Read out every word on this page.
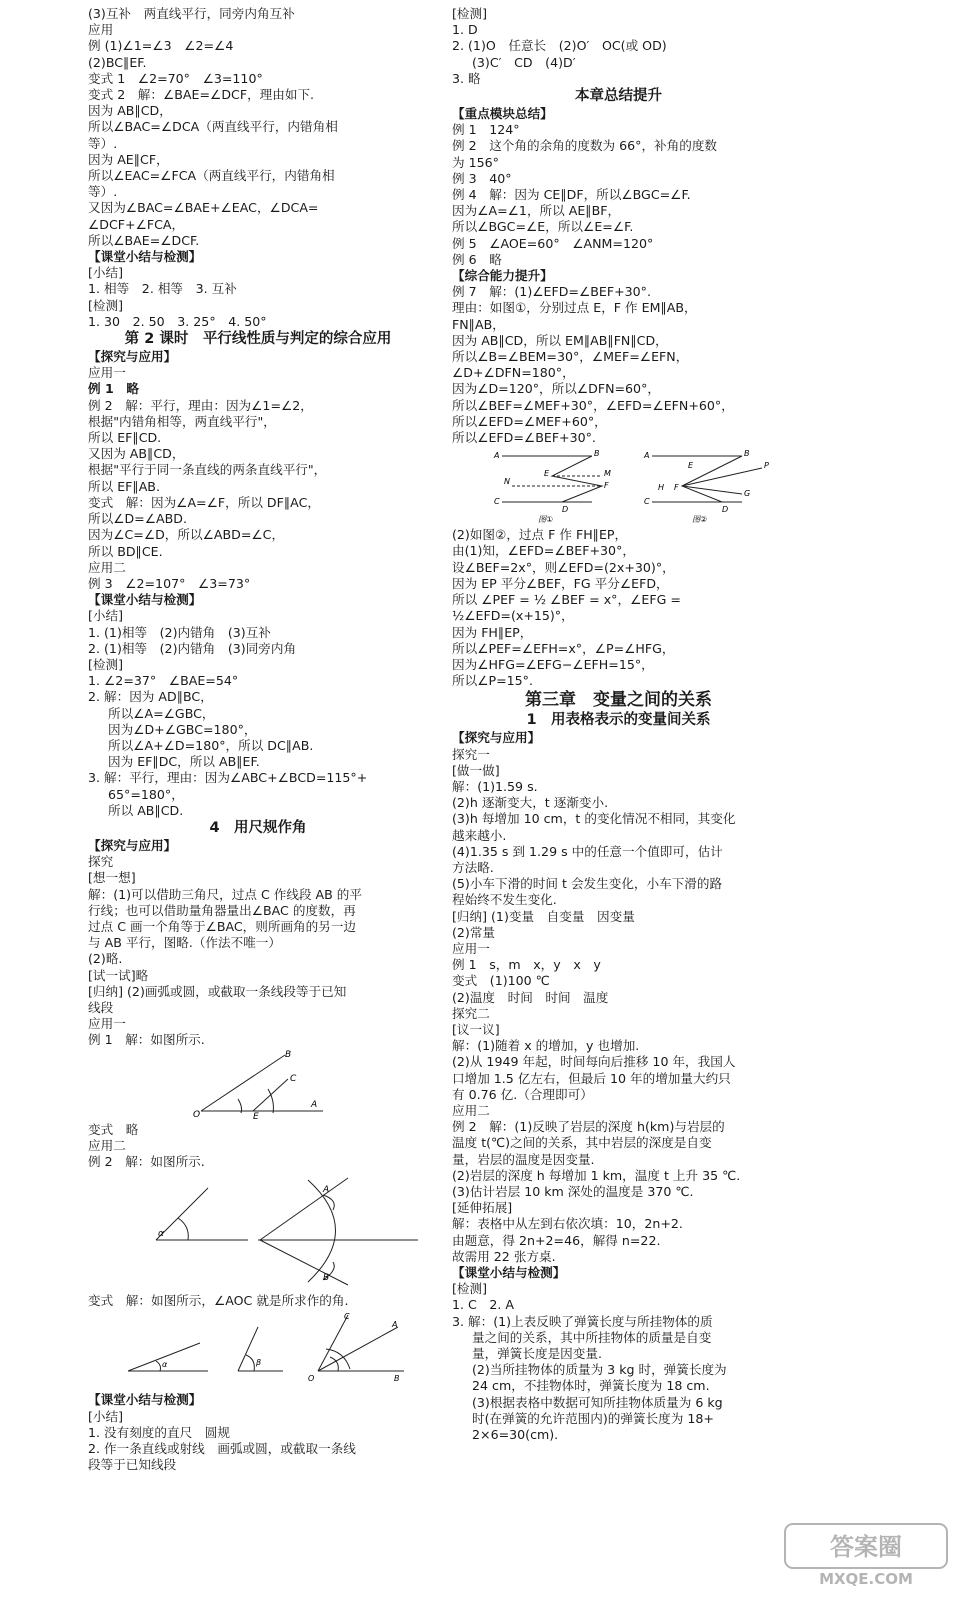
(3)互补　两直线平行，同旁内角互补
应用
例 (1)∠1=∠3　∠2=∠4
(2)BC∥EF.
变式 1　∠2=70°　∠3=110°
变式 2　解：∠BAE=∠DCF，理由如下.
因为 AB∥CD，
所以∠BAC=∠DCA（两直线平行，内错角相
等）.
因为 AE∥CF，
所以∠EAC=∠FCA（两直线平行，内错角相
等）.
又因为∠BAC=∠BAE+∠EAC，∠DCA=
∠DCF+∠FCA，
所以∠BAE=∠DCF.
【课堂小结与检测】
[小结]
1. 相等　2. 相等　3. 互补
[检测]
1. 30　2. 50　3. 25°　4. 50°
第 2 课时　平行线性质与判定的综合应用
【探究与应用】
应用一
例 1　略
例 2　解：平行，理由：因为∠1=∠2，
根据"内错角相等，两直线平行"，
所以 EF∥CD.
又因为 AB∥CD，
根据"平行于同一条直线的两条直线平行"，
所以 EF∥AB.
变式　解：因为∠A=∠F，所以 DF∥AC，
所以∠D=∠ABD.
因为∠C=∠D，所以∠ABD=∠C，
所以 BD∥CE.
应用二
例 3　∠2=107°　∠3=73°
【课堂小结与检测】
[小结]
1. (1)相等　(2)内错角　(3)互补
2. (1)相等　(2)内错角　(3)同旁内角
[检测]
1. ∠2=37°　∠BAE=54°
2. 解：因为 AD∥BC，
所以∠A=∠GBC，
因为∠D+∠GBC=180°，
所以∠A+∠D=180°，所以 DC∥AB.
因为 EF∥DC，所以 AB∥EF.
3. 解：平行，理由：因为∠ABC+∠BCD=115°+
65°=180°，
所以 AB∥CD.
4　用尺规作角
【探究与应用】
探究
[想一想]
解：(1)可以借助三角尺，过点 C 作线段 AB 的平
行线；也可以借助量角器量出∠BAC 的度数，再
过点 C 画一个角等于∠BAC，则所画角的另一边
与 AB 平行，图略.（作法不唯一）
(2)略.
[试一试]略
[归纳] (2)画弧或圆，或截取一条线段等于已知
线段
应用一
例 1　解：如图所示.
O
A
B
C
E
变式　略
应用二
例 2　解：如图所示.
α
A
B
变式　解：如图所示，∠AOC 就是所求作的角.
α	β
O
A
B
C
【课堂小结与检测】
[小结]
1. 没有刻度的直尺　圆规
2. 作一条直线或射线　画弧或圆，或截取一条线
段等于已知线段
[检测]
1. D
2. (1)O　任意长　(2)O′　OC(或 OD)
(3)C′　CD　(4)D′
3. 略
本章总结提升
【重点模块总结】
例 1　124°
例 2　这个角的余角的度数为 66°，补角的度数
为 156°
例 3　40°
例 4　解：因为 CE∥DF，所以∠BGC=∠F.
因为∠A=∠1，所以 AE∥BF，
所以∠BGC=∠E，所以∠E=∠F.
例 5　∠AOE=60°　∠ANM=120°
例 6　略
【综合能力提升】
例 7　解：(1)∠EFD=∠BEF+30°.
理由：如图①，分别过点 E，F 作 EM∥AB，
FN∥AB，
因为 AB∥CD，所以 EM∥AB∥FN∥CD，
所以∠B=∠BEM=30°，∠MEF=∠EFN，
∠D+∠DFN=180°，
因为∠D=120°，所以∠DFN=60°，
所以∠BEF=∠MEF+30°，∠EFD=∠EFN+60°，
所以∠EFD=∠MEF+60°，
所以∠EFD=∠BEF+30°.
A	B
C
D
E
F
M
N
图①
A	B
C
D
E
F
P
G
H
图②
(2)如图②，过点 F 作 FH∥EP，
由(1)知，∠EFD=∠BEF+30°，
设∠BEF=2x°，则∠EFD=(2x+30)°，
因为 EP 平分∠BEF，FG 平分∠EFD，
所以 ∠PEF = ½ ∠BEF = x°，∠EFG =
½∠EFD=(x+15)°，
因为 FH∥EP，
所以∠PEF=∠EFH=x°，∠P=∠HFG，
因为∠HFG=∠EFG−∠EFH=15°，
所以∠P=15°.
第三章　变量之间的关系
1　用表格表示的变量间关系
【探究与应用】
探究一
[做一做]
解：(1)1.59 s.
(2)h 逐渐变大，t 逐渐变小.
(3)h 每增加 10 cm，t 的变化情况不相同，其变化
越来越小.
(4)1.35 s 到 1.29 s 中的任意一个值即可，估计
方法略.
(5)小车下滑的时间 t 会发生变化，小车下滑的路
程始终不发生变化.
[归纳] (1)变量　自变量　因变量
(2)常量
应用一
例 1　s，m　x，y　x　y
变式　(1)100 ℃
(2)温度　时间　时间　温度
探究二
[议一议]
解：(1)随着 x 的增加，y 也增加.
(2)从 1949 年起，时间每向后推移 10 年，我国人
口增加 1.5 亿左右，但最后 10 年的增加量大约只
有 0.76 亿.（合理即可）
应用二
例 2　解：(1)反映了岩层的深度 h(km)与岩层的
温度 t(℃)之间的关系，其中岩层的深度是自变
量，岩层的温度是因变量.
(2)岩层的深度 h 每增加 1 km，温度 t 上升 35 ℃.
(3)估计岩层 10 km 深处的温度是 370 ℃.
[延伸拓展]
解：表格中从左到右依次填：10，2n+2.
由题意，得 2n+2=46，解得 n=22.
故需用 22 张方桌.
【课堂小结与检测】
[检测]
1. C　2. A
3. 解：(1)上表反映了弹簧长度与所挂物体的质
量之间的关系，其中所挂物体的质量是自变
量，弹簧长度是因变量.
(2)当所挂物体的质量为 3 kg 时，弹簧长度为
24 cm，不挂物体时，弹簧长度为 18 cm.
(3)根据表格中数据可知所挂物体质量为 6 kg
时(在弹簧的允许范围内)的弹簧长度为 18+
2×6=30(cm).
答案圈
MXQE.COM
